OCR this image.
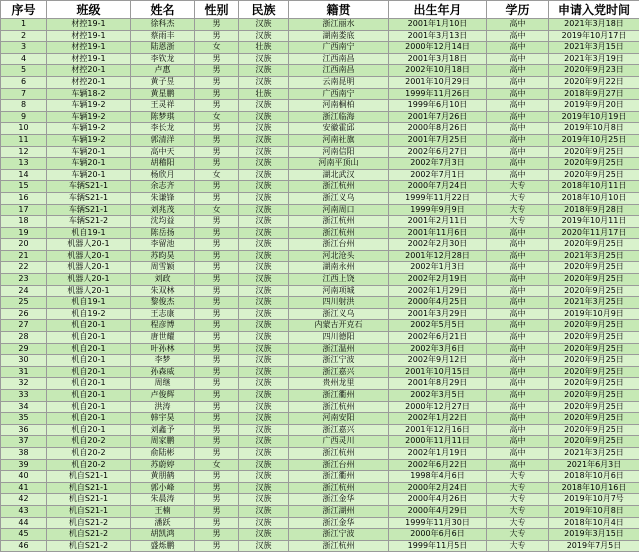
序号	班级	姓名	性别	民族	籍贯	出生年月	学历	申请入党时间
1	材控19-1	徐科杰	男	汉族	浙江丽水	2001年1月10日	高中	2021年3月18日
2	材控19-1	蔡雨丰	男	汉族	湖南娄底	2001年3月13日	高中	2019年10月17日
3	材控19-1	陆恩浙	女	壮族	广西南宁	2000年12月14日	高中	2021年3月15日
4	材控19-1	李钦龙	男	汉族	江西南昌	2001年3月18日	高中	2021年3月19日
5	材控20-1	卢惠	男	汉族	江西南昌	2002年10月18日	高中	2020年9月23日
6	材控20-1	黄子昱	男	汉族	云南昆明	2001年10月29日	高中	2020年9月22日
7	车辆18-2	黄星鹏	男	壮族	广西南宁	1999年11月26日	高中	2018年9月27日
8	车辆19-2	王灵祥	男	汉族	河南桐柏	1999年6月10日	高中	2019年9月20日
9	车辆19-2	陈梦琪	女	汉族	浙江临海	2001年7月26日	高中	2019年10月19日
10	车辆19-2	李长龙	男	汉族	安徽霍邱	2000年8月26日	高中	2019年10月8日
11	车辆19-2	郭清洋	男	汉族	河南社旗	2001年7月25日	高中	2019年10月25日
12	车辆20-1	高中天	男	汉族	河南信阳	2002年6月27日	高中	2020年9月25日
13	车辆20-1	胡稽阳	男	汉族	河南平顶山	2002年7月3日	高中	2020年9月25日
14	车辆20-1	杨欣月	女	汉族	湖北武汉	2002年7月1日	高中	2020年9月25日
15	车辆S21-1	余志齐	男	汉族	浙江杭州	2000年7月24日	大专	2018年10月11日
16	车辆S21-1	朱谦锋	男	汉族	浙江义乌	1999年11月22日	大专	2018年10月10日
17	车辆S21-1	刘兆茂	女	汉族	河南周口	1999年9月9日	大专	2018年9月28日
18	车辆S21-2	沈均益	男	汉族	浙江杭州	2001年2月11日	大专	2019年10月11日
19	机自19-1	陈岳扬	男	汉族	浙江杭州	2001年11月6日	高中	2020年11月17日
20	机器人20-1	李留池	男	汉族	浙江台州	2002年2月30日	高中	2020年9月25日
21	机器人20-1	苏昀昊	男	汉族	河北沧头	2001年12月28日	高中	2021年3月25日
22	机器人20-1	周雪颖	男	汉族	湖南永州	2002年1月3日	高中	2020年9月25日
23	机器人20-1	刘政	男	汉族	江西上饶	2002年2月19日	高中	2020年9月25日
24	机器人20-1	朱双林	男	汉族	河南项城	2002年1月29日	高中	2020年9月25日
25	机自19-1	黎俊杰	男	汉族	四川射洪	2000年4月25日	高中	2021年3月25日
26	机自19-2	王志康	男	汉族	浙江义乌	2001年3月29日	高中	2019年10月9日
27	机自20-1	程彦博	男	汉族	内蒙古开克石	2002年5月5日	高中	2020年9月25日
28	机自20-1	唐世耀	男	汉族	四川德阳	2002年6月21日	高中	2020年9月25日
29	机自20-1	叶孙林	男	汉族	浙江温州	2002年3月6日	高中	2020年9月25日
30	机自20-1	李梦	男	汉族	浙江宁波	2002年9月12日	高中	2020年9月25日
31	机自20-1	孙森威	男	汉族	浙江嘉兴	2001年10月15日	高中	2020年9月25日
32	机自20-1	周继	男	汉族	贵州龙里	2001年8月29日	高中	2020年9月25日
33	机自20-1	卢俊辉	男	汉族	浙江衢州	2002年3月5日	高中	2020年9月25日
34	机自20-1	洪涛	男	汉族	浙江杭州	2000年12月27日	高中	2020年9月25日
35	机自20-1	韩宇昊	男	汉族	河南安阳	2002年1月22日	高中	2020年9月25日
36	机自20-1	刘鑫予	男	汉族	浙江嘉兴	2001年12月16日	高中	2020年9月25日
37	机自20-2	周家鹏	男	汉族	广西灵川	2000年11月11日	高中	2020年9月25日
38	机自20-2	俞陆彬	男	汉族	浙江杭州	2002年1月19日	高中	2021年3月25日
39	机自20-2	苏蔚婷	女	汉族	浙江台州	2002年6月22日	高中	2021年6月3日
40	机自S21-1	黄朋鹤	男	汉族	浙江衢州	1998年4月6日	大专	2018年10月6日
41	机自S21-1	郭小峰	男	汉族	浙江杭州	2000年2月24日	大专	2018年10月16日
42	机自S21-1	朱晨涛	男	汉族	浙江金华	2000年4月26日	大专	2019年10月7号
43	机自S21-1	王楠	男	汉族	浙江湖州	2000年4月29日	大专	2019年10月8日
44	机自S21-2	潘跃	男	汉族	浙江金华	1999年11月30日	大专	2018年10月4日
45	机自S21-2	胡凯鸿	男	汉族	浙江宁波	2000年6月6日	大专	2019年3月15日
46	机自S21-2	盛烁鹏	男	汉族	浙江杭州	1999年11月5日	大专	2019年7月5日
